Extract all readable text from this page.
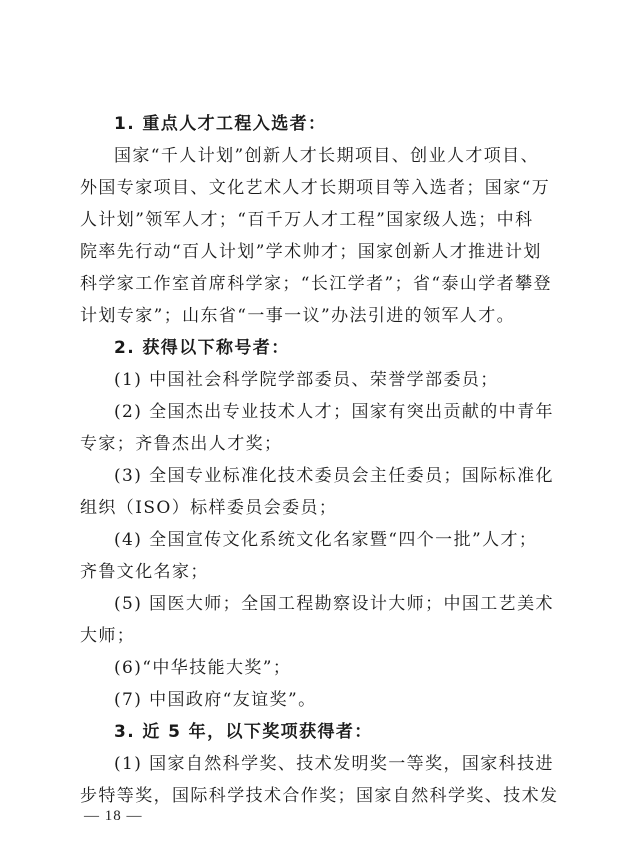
1. 重点人才工程入选者：
国家“千人计划”创新人才长期项目、创业人才项目、
外国专家项目、文化艺术人才长期项目等入选者；国家“万
人计划”领军人才；“百千万人才工程”国家级人选；中科
院率先行动“百人计划”学术帅才；国家创新人才推进计划
科学家工作室首席科学家；“长江学者”；省“泰山学者攀登
计划专家”；山东省“一事一议”办法引进的领军人才。
2. 获得以下称号者：
(1) 中国社会科学院学部委员、荣誉学部委员；
(2) 全国杰出专业技术人才；国家有突出贡献的中青年
专家；齐鲁杰出人才奖；
(3) 全国专业标准化技术委员会主任委员；国际标准化
组织（ISO）标样委员会委员；
(4) 全国宣传文化系统文化名家暨“四个一批”人才；
齐鲁文化名家；
(5) 国医大师；全国工程勘察设计大师；中国工艺美术
大师；
(6)“中华技能大奖”；
(7) 中国政府“友谊奖”。
3. 近 5 年，以下奖项获得者：
(1) 国家自然科学奖、技术发明奖一等奖，国家科技进
步特等奖，国际科学技术合作奖；国家自然科学奖、技术发
— 18 —
